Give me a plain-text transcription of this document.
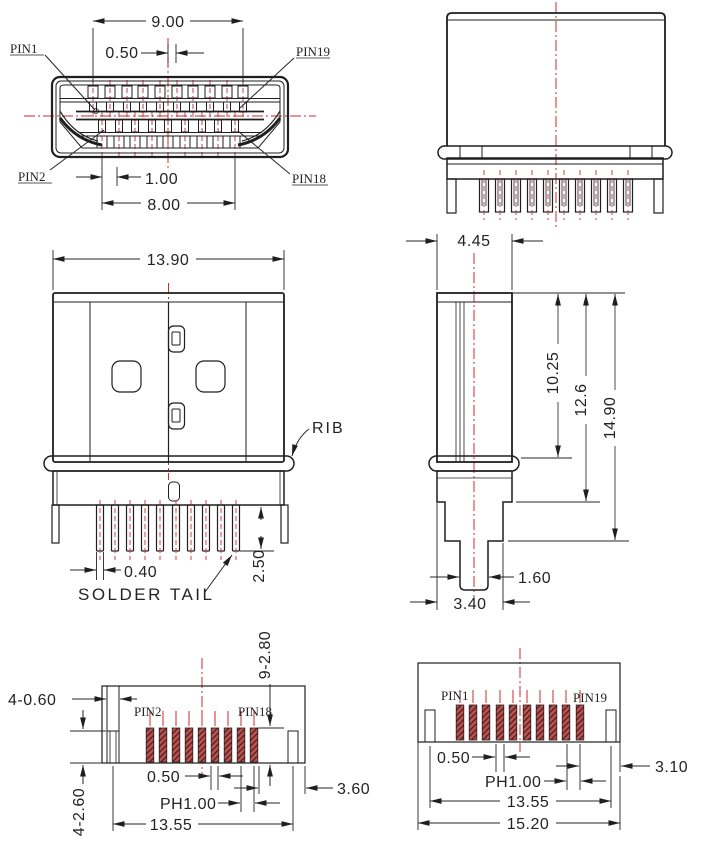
9.00
0.50
PIN1	PIN19
PIN2	PIN18
1.00
8.00
13.90
RIB
0.40	2.50
SOLDER TAIL
4.45
10.25
12.6 14.90
1.60
3.40
PIN2	PIN18
4-0.60
4-2.60
9-2.80
0.50
PH1.00
13.55
3.60
PIN1	PIN19
0.50
PH1.00
3.10
13.55
15.20
